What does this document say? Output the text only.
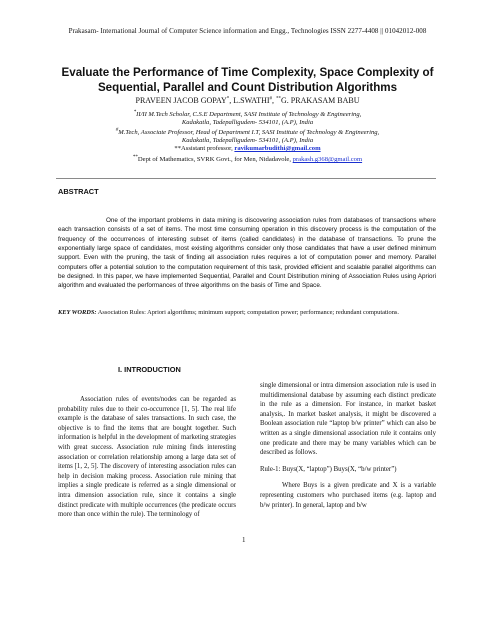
Prakasam- International Journal of Computer Science information and Engg., Technologies ISSN 2277-4408 || 01042012-008
Evaluate the Performance of Time Complexity, Space Complexity of
Sequential, Parallel and Count Distribution Algorithms
PRAVEEN JACOB GOPAY*, L.SWATHI#, **G. PRAKASAM BABU
*II/II M.Tech Scholar, C.S.E Department, SASI Institute of Technology & Engineering,
Kadakatla, Tadepalligudem- 534101, (A.P), India
#M.Tech, Associate Professor, Head of Department I.T, SASI Institute of Technology & Engineering,
Kadakatla, Tadepalligudem- 534101, (A.P), India
**Assistant professor, ravikumarbudithi@gmail.com
**Dept of Mathematics, SVRK Govt., for Men, Nidadavole, prakash.g368@gmail.com
ABSTRACT

One of the important problems in data mining is discovering association rules from databases of transactions where each transaction consists of a set of items. The most time consuming operation in this discovery process is the computation of the frequency of the occurrences of interesting subset of items (called candidates) in the database of transactions. To prune the exponentially large space of candidates, most existing algorithms consider only those candidates that have a user defined minimum support. Even with the pruning, the task of finding all association rules requires a lot of computation power and memory. Parallel computers offer a potential solution to the computation requirement of this task, provided efficient and scalable parallel algorithms can be designed. In this paper, we have implemented Sequential, Parallel and Count Distribution mining of Association Rules using Apriori algorithm and evaluated the performances of three algorithms on the basis of Time and Space.

KEY WORDS: Association Rules: Apriori algorithms; minimum support; computation power; performance; redundant computations.
I. INTRODUCTION

Association rules of events/nodes can be regarded as probability rules due to their co-occurrence [1, 5]. The real life example is the database of sales transactions. In such case, the objective is to find the items that are bought together. Such information is helpful in the development of marketing strategies with great success. Association rule mining finds interesting association or correlation relationship among a large data set of items [1, 2, 5]. The discovery of interesting association rules can help in decision making process. Association rule mining that implies a single predicate is referred as a single dimensional or intra dimension association rule, since it contains a single distinct predicate with multiple occurrences (the predicate occurs more than once within the rule). The terminology of

single dimensional or intra dimension association rule is used in multidimensional database by assuming each distinct predicate in the rule as a dimension. For instance, in market basket analysis,. In market basket analysis, it might be discovered a Boolean association rule “laptop b/w printer” which can also be written as a single dimensional association rule it contains only one predicate and there may be many variables which can be described as follows.

Rule-1: Buys(X, “laptop”) Buys(X, “b/w printer”)

Where Buys is a given predicate and X is a variable representing customers who purchased items (e.g. laptop and b/w printer). In general, laptop and b/w

1
